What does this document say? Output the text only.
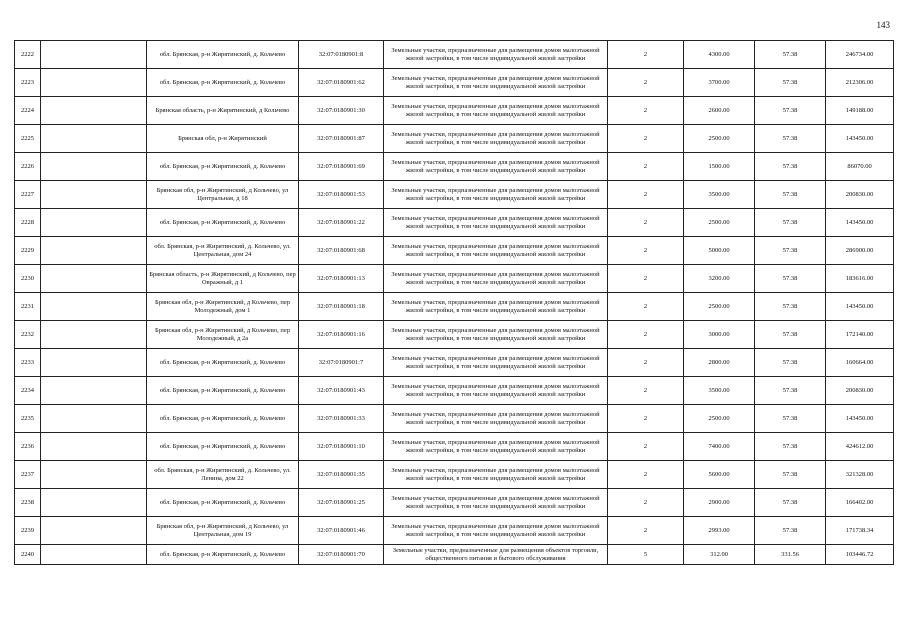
143
2222		обл. Брянская, р-н Жирятинский, д. Кольчево	32:07:0180901:8	Земельные участки, предназначенные для размещения домов малоэтажной жилой застройки, в том числе индивидуальной жилой застройки	2	4300.00	57.38	246734.00
2223		обл. Брянская, р-н Жирятинский, д. Кольчево	32:07:0180901:62	Земельные участки, предназначенные для размещения домов малоэтажной жилой застройки, в том числе индивидуальной жилой застройки	2	3700.00	57.38	212306.00
2224		Брянская область, р-н Жирятинский, д Кольчево	32:07:0180901:30	Земельные участки, предназначенные для размещения домов малоэтажной жилой застройки, в том числе индивидуальной жилой застройки	2	2600.00	57.38	149188.00
2225		Брянская обл, р-н Жирятинский	32:07:0180901:87	Земельные участки, предназначенные для размещения домов малоэтажной жилой застройки, в том числе индивидуальной жилой застройки	2	2500.00	57.38	143450.00
2226		обл. Брянская, р-н Жирятинский, д. Кольчево	32:07:0180901:69	Земельные участки, предназначенные для размещения домов малоэтажной жилой застройки, в том числе индивидуальной жилой застройки	2	1500.00	57.38	86070.00
2227		Брянская обл, р-н Жирятинский, д Кольчево, ул Центральная, д 18	32:07:0180901:53	Земельные участки, предназначенные для размещения домов малоэтажной жилой застройки, в том числе индивидуальной жилой застройки	2	3500.00	57.38	200830.00
2228		обл. Брянская, р-н Жирятинский, д. Кольчево	32:07:0180901:22	Земельные участки, предназначенные для размещения домов малоэтажной жилой застройки, в том числе индивидуальной жилой застройки	2	2500.00	57.38	143450.00
2229		обл. Брянская, р-н Жирятинский, д. Кольчево, ул. Центральная, дом 24	32:07:0180901:68	Земельные участки, предназначенные для размещения домов малоэтажной жилой застройки, в том числе индивидуальной жилой застройки	2	5000.00	57.38	286900.00
2230		Брянская область, р-н Жирятинский, д Кольчево, пер Овражный, д 1	32:07:0180901:13	Земельные участки, предназначенные для размещения домов малоэтажной жилой застройки, в том числе индивидуальной жилой застройки	2	3200.00	57.38	183616.00
2231		Брянская обл, р-н Жирятинский, д Кольчево, пер Молодежный, дом 1	32:07:0180901:18	Земельные участки, предназначенные для размещения домов малоэтажной жилой застройки, в том числе индивидуальной жилой застройки	2	2500.00	57.38	143450.00
2232		Брянская обл, р-н Жирятинский, д Кольчево, пер Молодежный, д 2а	32:07:0180901:16	Земельные участки, предназначенные для размещения домов малоэтажной жилой застройки, в том числе индивидуальной жилой застройки	2	3000.00	57.38	172140.00
2233		обл. Брянская, р-н Жирятинский, д. Кольчево	32:07:0180901:7	Земельные участки, предназначенные для размещения домов малоэтажной жилой застройки, в том числе индивидуальной жилой застройки	2	2800.00	57.38	160664.00
2234		обл. Брянская, р-н Жирятинский, д. Кольчево	32:07:0180901:43	Земельные участки, предназначенные для размещения домов малоэтажной жилой застройки, в том числе индивидуальной жилой застройки	2	3500.00	57.38	200830.00
2235		обл. Брянская, р-н Жирятинский, д. Кольчево	32:07:0180901:33	Земельные участки, предназначенные для размещения домов малоэтажной жилой застройки, в том числе индивидуальной жилой застройки	2	2500.00	57.38	143450.00
2236		обл. Брянская, р-н Жирятинский, д. Кольчево	32:07:0180901:10	Земельные участки, предназначенные для размещения домов малоэтажной жилой застройки, в том числе индивидуальной жилой застройки	2	7400.00	57.38	424612.00
2237		обл. Брянская, р-н Жирятинский, д. Кольчево, ул. Ленина, дом 22	32:07:0180901:35	Земельные участки, предназначенные для размещения домов малоэтажной жилой застройки, в том числе индивидуальной жилой застройки	2	5600.00	57.38	321328.00
2238		обл. Брянская, р-н Жирятинский, д. Кольчево	32:07:0180901:25	Земельные участки, предназначенные для размещения домов малоэтажной жилой застройки, в том числе индивидуальной жилой застройки	2	2900.00	57.38	166402.00
2239		Брянская обл, р-н Жирятинский, д Кольчево, ул Центральная, дом 19	32:07:0180901:46	Земельные участки, предназначенные для размещения домов малоэтажной жилой застройки, в том числе индивидуальной жилой застройки	2	2993.00	57.38	171738.34
2240		обл. Брянская, р-н Жирятинский, д. Кольчево	32:07:0180901:70	Земельные участки, предназначенные для размещения объектов торговли, общественного питания и бытового обслуживания	5	312.00	331.56	103446.72
